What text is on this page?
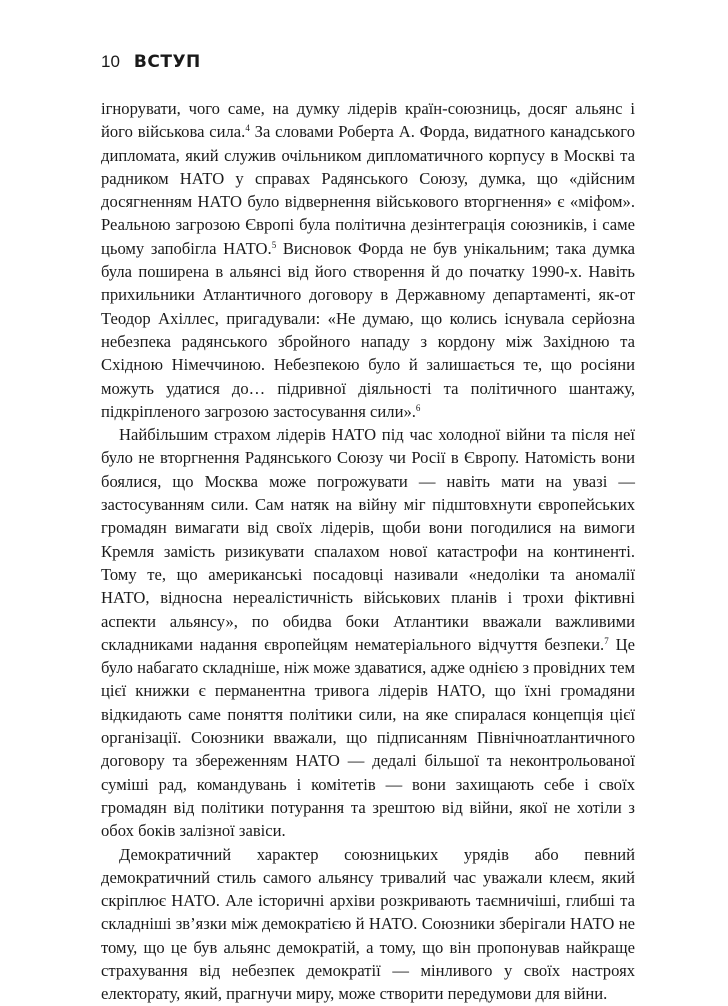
10 ВСТУП

ігнорувати, чого саме, на думку лідерів країн-союзниць, досяг альянс і його військова сила.$^4$ За словами Роберта А. Форда, видатного канадського дипломата, який служив очільником дипломатичного корпусу в Москві та радником НАТО у справах Радянського Союзу, думка, що «дійсним досягненням НАТО було відвернення військового вторгнення» є «міфом». Реальною загрозою Європі була політична дезінтеграція союзників, і саме цьому запобігла НАТО.$^5$ Висновок Форда не був унікальним; така думка була поширена в альянсі від його створення й до початку 1990-х. Навіть прихильники Атлантичного договору в Державному департаменті, як-от Теодор Ахіллес, пригадували: «Не думаю, що колись існувала серйозна небезпека радянського збройного нападу з кордону між Західною та Східною Німеччиною. Небезпекою було й залишається те, що росіяни можуть удатися до… підривної діяльності та політичного шантажу, підкріпленого загрозою застосування сили».$^6$

Найбільшим страхом лідерів НАТО під час холодної війни та після неї було не вторгнення Радянського Союзу чи Росії в Європу. Натомість вони боялися, що Москва може погрожувати — навіть мати на увазі — застосуванням сили. Сам натяк на війну міг підштовхнути європейських громадян вимагати від своїх лідерів, щоби вони погодилися на вимоги Кремля замість ризикувати спалахом нової катастрофи на континенті. Тому те, що американські посадовці називали «недоліки та аномалії НАТО, відносна нереалістичність військових планів і трохи фіктивні аспекти альянсу», по обидва боки Атлантики вважали важливими складниками надання європейцям нематеріального відчуття безпеки.$^7$ Це було набагато складніше, ніж може здаватися, адже однією з провідних тем цієї книжки є перманентна тривога лідерів НАТО, що їхні громадяни відкидають саме поняття політики сили, на яке спиралася концепція цієї організації. Союзники вважали, що підписанням Північноатлантичного договору та збереженням НАТО — дедалі більшої та неконтрольованої суміші рад, командувань і комітетів — вони захищають себе і своїх громадян від політики потурання та зрештою від війни, якої не хотіли з обох боків залізної завіси.

Демократичний характер союзницьких урядів або певний демократичний стиль самого альянсу тривалий час уважали клеєм, який скріплює НАТО. Але історичні архіви розкривають таємничіші, глибші та складніші зв’язки між демократією й НАТО. Союзники зберігали НАТО не тому, що це був альянс демократій, а тому, що він пропонував найкраще страхування від небезпек демократії — мінливого у своїх настроях електорату, який, прагнучи миру, може створити передумови для війни.
